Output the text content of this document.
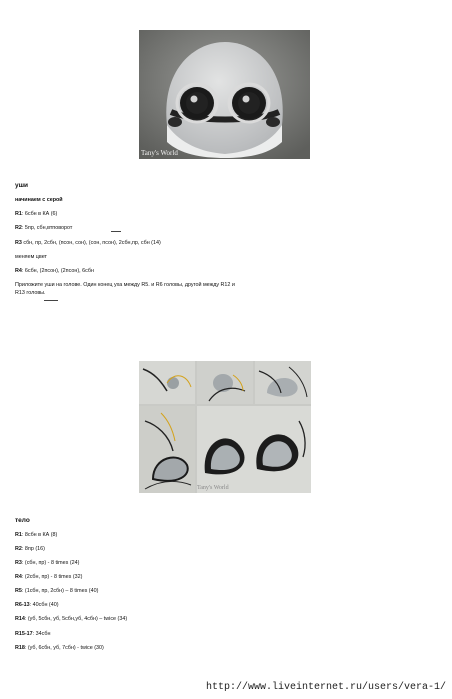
Tany's World
уши
начинаем с серой
R1: 6сбн в КА (6)
R2: 5пр, сбн,втповорот
R3 сбн, пр, 2сбн, (псон, сон), (сон, псон), 2сбн,пр, сбн (14)
меняем цвет
R4: 6сбн, (2псон), (2псон), 6сбн
Приложите уши на голове. Один конец уха между R5. и R6 головы, другой между R12 и
R13 головы.
Tany's World
тело
R1: 8сбн в КА (8)
R2: 8пр (16)
R3: (сбн, пр) - 8 times (24)
R4: (2сбн, пр) - 8 times (32)
R5: (1сбн, пр, 2сбн) – 8 times (40)
R6-13: 40сбн (40)
R14: (уб, 5сбн, уб, 5сбн,уб, 4сбн) – twice (34)
R15-17: 34сбн
R18: (уб, 6сбн, уб, 7сбн) - twice (30)
http://www.liveinternet.ru/users/vera-1/
